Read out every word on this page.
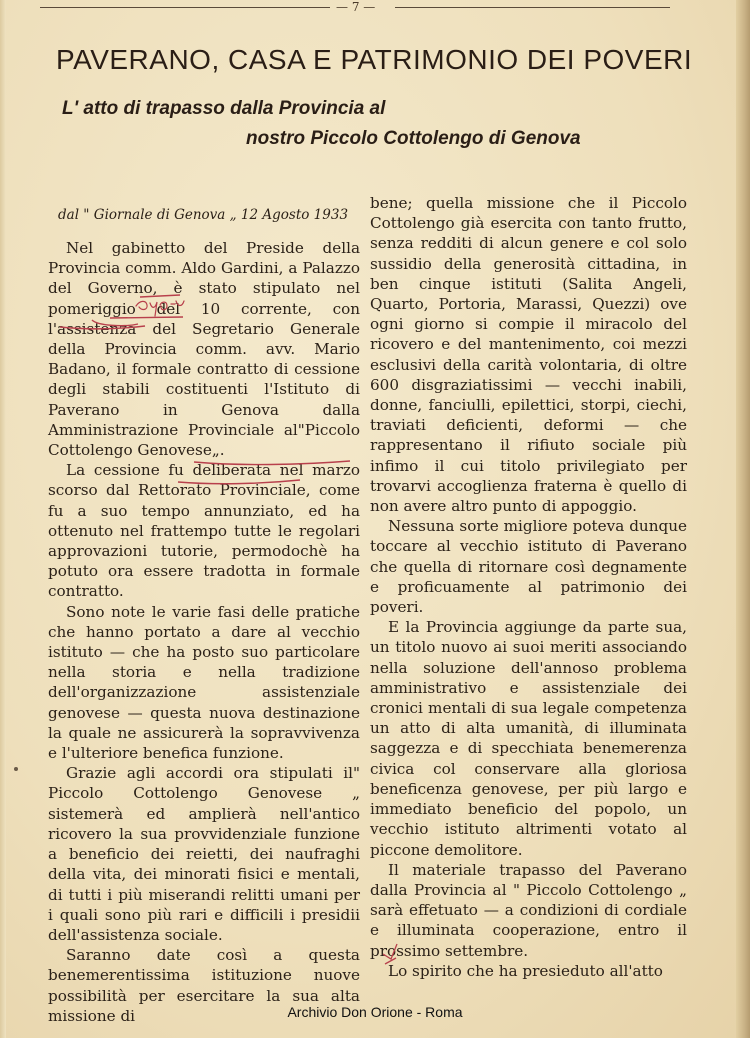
— 7 —
PAVERANO, CASA E PATRIMONIO DEI POVERI
L' atto di trapasso dalla Provincia al
nostro Piccolo Cottolengo di Genova
dal " Giornale di Genova „ 12 Agosto 1933

Nel gabinetto del Preside della Provincia comm. Aldo Gardini, a Palazzo del Governo, è stato stipulato nel pomeriggio del 10 corrente, con l'assistenza del Segretario Generale della Provincia comm. avv. Mario Badano, il formale contratto di cessione degli stabili costituenti l'Istituto di Paverano in Genova dalla Amministrazione Provinciale al"Piccolo Cottolengo Genovese„.

La cessione fu deliberata nel marzo scorso dal Rettorato Provinciale, come fu a suo tempo annunziato, ed ha ottenuto nel frattempo tutte le regolari approvazioni tutorie, permodochè ha potuto ora essere tradotta in formale contratto.

Sono note le varie fasi delle pratiche che hanno portato a dare al vecchio istituto — che ha posto suo particolare nella storia e nella tradizione dell'organizzazione assistenziale genovese — questa nuova destinazione la quale ne assicurerà la sopravvivenza e l'ulteriore benefica funzione.

Grazie agli accordi ora stipulati il" Piccolo Cottolengo Genovese „ sistemerà ed amplierà nell'antico ricovero la sua provvidenziale funzione a beneficio dei reietti, dei naufraghi della vita, dei minorati fisici e mentali, di tutti i più miserandi relitti umani per i quali sono più rari e difficili i presidii dell'assistenza sociale.

Saranno date così a questa benemerentissima istituzione nuove possibilità per esercitare la sua alta missione di

bene; quella missione che il Piccolo Cottolengo già esercita con tanto frutto, senza redditi di alcun genere e col solo sussidio della generosità cittadina, in ben cinque istituti (Salita Angeli, Quarto, Portoria, Marassi, Quezzi) ove ogni giorno si compie il miracolo del ricovero e del mantenimento, coi mezzi esclusivi della carità volontaria, di oltre 600 disgraziatissimi — vecchi inabili, donne, fanciulli, epilettici, storpi, ciechi, traviati deficienti, deformi — che rappresentano il rifiuto sociale più infimo il cui titolo privilegiato per trovarvi accoglienza fraterna è quello di non avere altro punto di appoggio.

Nessuna sorte migliore poteva dunque toccare al vecchio istituto di Paverano che quella di ritornare così degnamente e proficuamente al patrimonio dei poveri.

E la Provincia aggiunge da parte sua, un titolo nuovo ai suoi meriti associando nella soluzione dell'annoso problema amministrativo e assistenziale dei cronici mentali di sua legale competenza un atto di alta umanità, di illuminata saggezza e di specchiata benemerenza civica col conservare alla gloriosa beneficenza genovese, per più largo e immediato beneficio del popolo, un vecchio istituto altrimenti votato al piccone demolitore.

Il materiale trapasso del Paverano dalla Provincia al " Piccolo Cottolengo „ sarà effetuato — a condizioni di cordiale e illuminata cooperazione, entro il prossimo settembre.

Lo spirito che ha presieduto all'atto

Archivio Don Orione - Roma
